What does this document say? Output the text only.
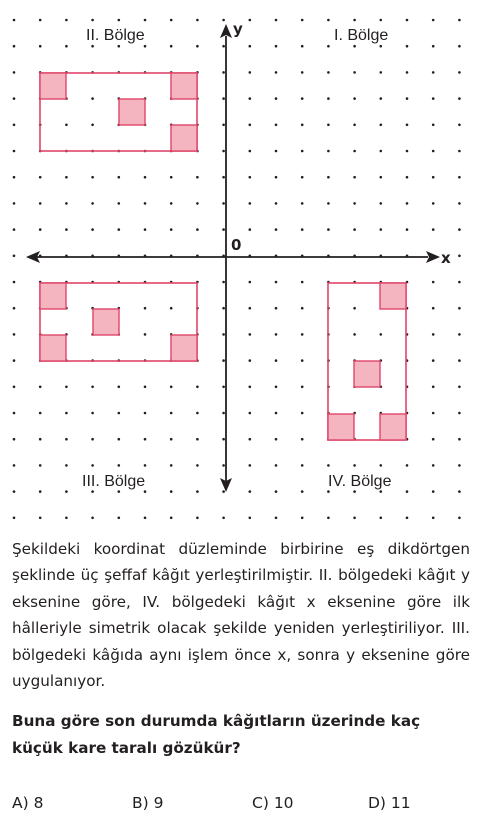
y
x
0
II. Bölge	I. Bölge
III. Bölge	IV. Bölge

Şekildeki koordinat düzleminde birbirine eş dikdörtgen şeklinde üç şeffaf kâğıt yerleştirilmiştir. II. bölgedeki kâğıt y eksenine göre, IV. bölgedeki kâğıt x eksenine göre ilk hâlleriyle simetrik olacak şekilde yeniden yerleştiriliyor. III. bölgedeki kâğıda aynı işlem önce x, sonra y eksenine göre uygulanıyor.

Buna göre son durumda kâğıtların üzerinde kaç küçük kare taralı gözükür?

A) 8	B) 9	C) 10	D) 11
